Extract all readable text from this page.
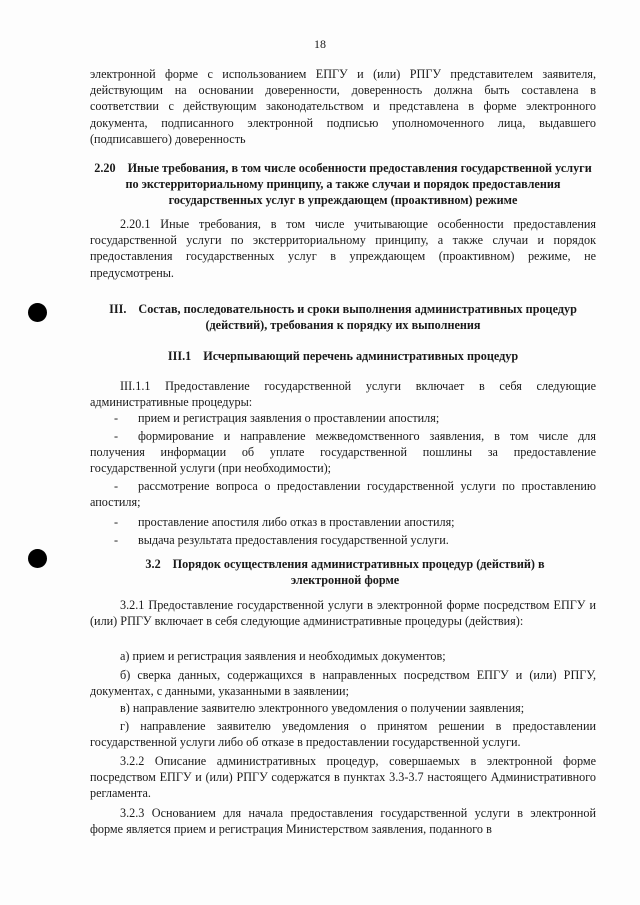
18

электронной форме с использованием ЕПГУ и (или) РПГУ представителем заявителя, действующим на основании доверенности, доверенность должна быть составлена в соответствии с действующим законодательством и представлена в форме электронного документа, подписанного электронной подписью уполномоченного лица, выдавшего (подписавшего) доверенность

2.20 Иные требования, в том числе особенности предоставления государственной услуги по экстерриториальному принципу, а также случаи и порядок предоставления государственных услуг в упреждающем (проактивном) режиме

2.20.1 Иные требования, в том числе учитывающие особенности предоставления государственной услуги по экстерриториальному принципу, а также случаи и порядок предоставления государственных услуг в упреждающем (проактивном) режиме, не предусмотрены.

III. Состав, последовательность и сроки выполнения административных процедур (действий), требования к порядку их выполнения
III.1 Исчерпывающий перечень административных процедур

III.1.1 Предоставление государственной услуги включает в себя следующие административные процедуры:

- прием и регистрация заявления о проставлении апостиля;
- формирование и направление межведомственного заявления, в том числе для получения информации об уплате государственной пошлины за предоставление государственной услуги (при необходимости);
- рассмотрение вопроса о предоставлении государственной услуги по проставлению апостиля;
- проставление апостиля либо отказ в проставлении апостиля;
- выдача результата предоставления государственной услуги.
3.2 Порядок осуществления административных процедур (действий) в электронной форме

3.2.1 Предоставление государственной услуги в электронной форме посредством ЕПГУ и (или) РПГУ включает в себя следующие административные процедуры (действия):

а) прием и регистрация заявления и необходимых документов;

б) сверка данных, содержащихся в направленных посредством ЕПГУ и (или) РПГУ, документах, с данными, указанными в заявлении;

в) направление заявителю электронного уведомления о получении заявления;

г) направление заявителю уведомления о принятом решении в предоставлении государственной услуги либо об отказе в предоставлении государственной услуги.

3.2.2 Описание административных процедур, совершаемых в электронной форме посредством ЕПГУ и (или) РПГУ содержатся в пунктах 3.3-3.7 настоящего Административного регламента.

3.2.3 Основанием для начала предоставления государственной услуги в электронной форме является прием и регистрация Министерством заявления, поданного в
